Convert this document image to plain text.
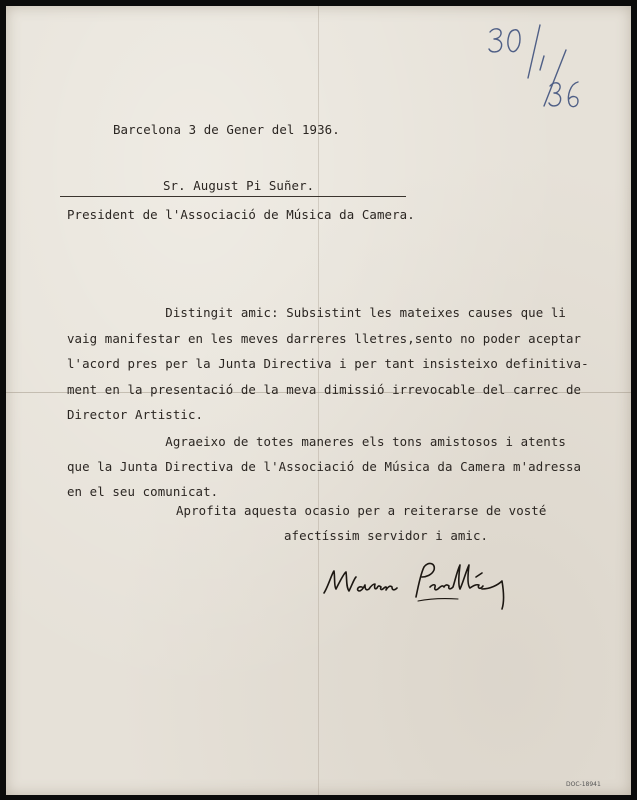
Barcelona 3 de Gener del 1936.
Sr. August Pi Suñer.
President de l'Associació de Música da Camera.
Distingit amic: Subsistint les mateixes causes que li
vaig manifestar en les meves darreres lletres,sento no poder aceptar
l'acord pres per la Junta Directiva i per tant insisteixo definitiva-
ment en la presentació de la meva dimissió irrevocable del carrec de
Director Artistic.
Agraeixo de totes maneres els tons amistosos i atents
que la Junta Directiva de l'Associació de Música da Camera m'adressa
en el seu comunicat.
Aprofita aquesta ocasio per a reiterarse de vosté
afectíssim servidor i amic.
DOC-18941
